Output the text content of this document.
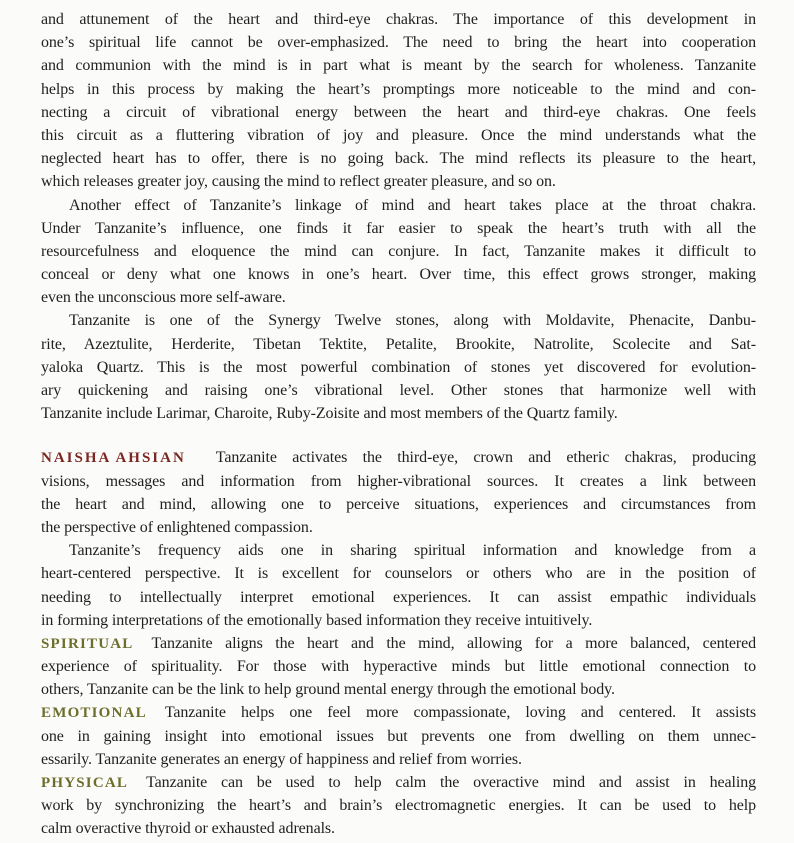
and attunement of the heart and third-eye chakras. The importance of this development in
one’s spiritual life cannot be over-emphasized. The need to bring the heart into cooperation
and communion with the mind is in part what is meant by the search for wholeness. Tanzanite
helps in this process by making the heart’s promptings more noticeable to the mind and con-
necting a circuit of vibrational energy between the heart and third-eye chakras. One feels
this circuit as a fluttering vibration of joy and pleasure. Once the mind understands what the
neglected heart has to offer, there is no going back. The mind reflects its pleasure to the heart,
which releases greater joy, causing the mind to reflect greater pleasure, and so on.
Another effect of Tanzanite’s linkage of mind and heart takes place at the throat chakra.
Under Tanzanite’s influence, one finds it far easier to speak the heart’s truth with all the
resourcefulness and eloquence the mind can conjure. In fact, Tanzanite makes it difficult to
conceal or deny what one knows in one’s heart. Over time, this effect grows stronger, making
even the unconscious more self-aware.
Tanzanite is one of the Synergy Twelve stones, along with Moldavite, Phenacite, Danbu-
rite, Azeztulite, Herderite, Tibetan Tektite, Petalite, Brookite, Natrolite, Scolecite and Sat-
yaloka Quartz. This is the most powerful combination of stones yet discovered for evolution-
ary quickening and raising one’s vibrational level. Other stones that harmonize well with
Tanzanite include Larimar, Charoite, Ruby-Zoisite and most members of the Quartz family.
NAISHA AHSIAN Tanzanite activates the third-eye, crown and etheric chakras, producing
visions, messages and information from higher-vibrational sources. It creates a link between
the heart and mind, allowing one to perceive situations, experiences and circumstances from
the perspective of enlightened compassion.
Tanzanite’s frequency aids one in sharing spiritual information and knowledge from a
heart-centered perspective. It is excellent for counselors or others who are in the position of
needing to intellectually interpret emotional experiences. It can assist empathic individuals
in forming interpretations of the emotionally based information they receive intuitively.
SPIRITUAL Tanzanite aligns the heart and the mind, allowing for a more balanced, centered
experience of spirituality. For those with hyperactive minds but little emotional connection to
others, Tanzanite can be the link to help ground mental energy through the emotional body.
EMOTIONAL Tanzanite helps one feel more compassionate, loving and centered. It assists
one in gaining insight into emotional issues but prevents one from dwelling on them unnec-
essarily. Tanzanite generates an energy of happiness and relief from worries.
PHYSICAL Tanzanite can be used to help calm the overactive mind and assist in healing
work by synchronizing the heart’s and brain’s electromagnetic energies. It can be used to help
calm overactive thyroid or exhausted adrenals.
